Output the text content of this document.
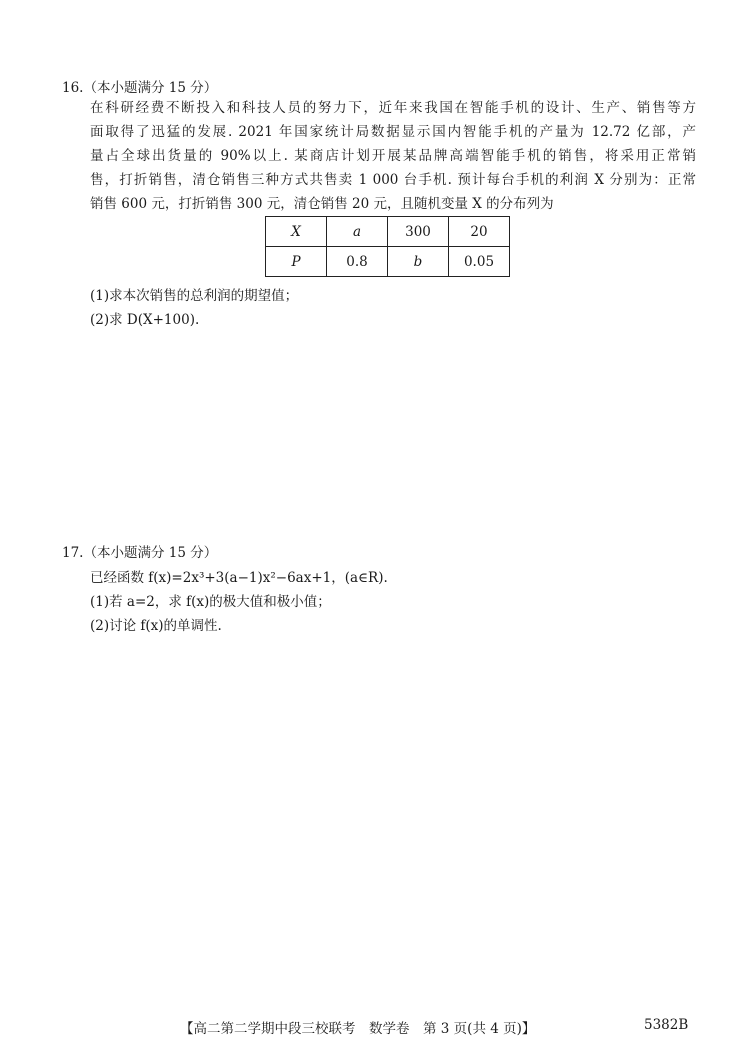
16.（本小题满分 15 分）
在科研经费不断投入和科技人员的努力下，近年来我国在智能手机的设计、生产、销售等方
面取得了迅猛的发展. 2021 年国家统计局数据显示国内智能手机的产量为 12.72 亿部，产
量占全球出货量的 90%以上. 某商店计划开展某品牌高端智能手机的销售，将采用正常销
售，打折销售，清仓销售三种方式共售卖 1 000 台手机. 预计每台手机的利润 X 分别为：正常
销售 600 元，打折销售 300 元，清仓销售 20 元，且随机变量 X 的分布列为
X	a	300	20
P	0.8	b	0.05
(1)求本次销售的总利润的期望值；
(2)求 D(X+100).
17.（本小题满分 15 分）
已经函数 f(x)=2x³+3(a−1)x²−6ax+1，(a∈R).
(1)若 a=2，求 f(x)的极大值和极小值；
(2)讨论 f(x)的单调性.
【高二第二学期中段三校联考　数学卷　第 3 页(共 4 页)】	5382B
